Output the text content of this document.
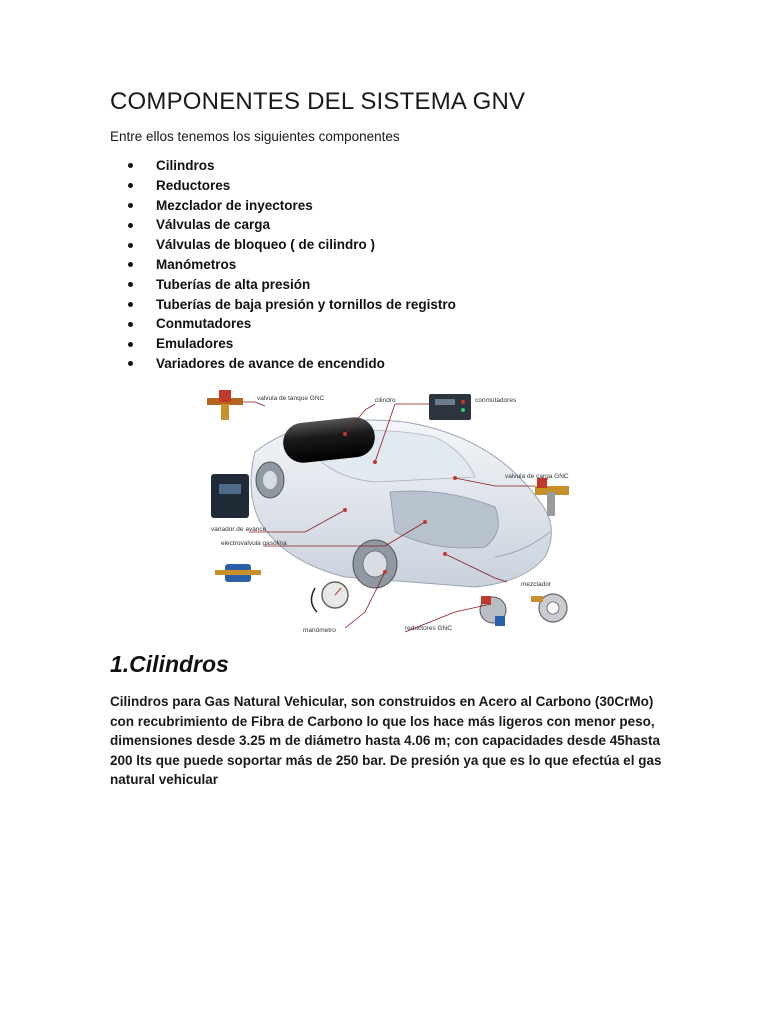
COMPONENTES DEL SISTEMA GNV
Entre ellos tenemos los siguientes componentes
Cilindros
Reductores
Mezclador de inyectores
Válvulas de carga
Válvulas de bloqueo ( de cilindro )
Manómetros
Tuberías de alta presión
Tuberías de baja presión y tornillos de registro
Conmutadores
Emuladores
Variadores de avance de encendido
valvula de tanque GNC	cilindro	conmutadores
valvula de carga GNC
variador de avance
electrovalvula gasolina
mezclador
reductores GNC
manómetro
1.Cilindros
Cilindros para Gas Natural Vehicular, son construidos en Acero al Carbono (30CrMo) con recubrimiento de Fibra de Carbono lo que los hace más ligeros con menor peso, dimensiones desde 3.25 m de diámetro hasta 4.06 m; con capacidades desde 45hasta 200 lts que puede soportar más de 250 bar. De presión ya que es lo que efectúa el gas natural vehicular
